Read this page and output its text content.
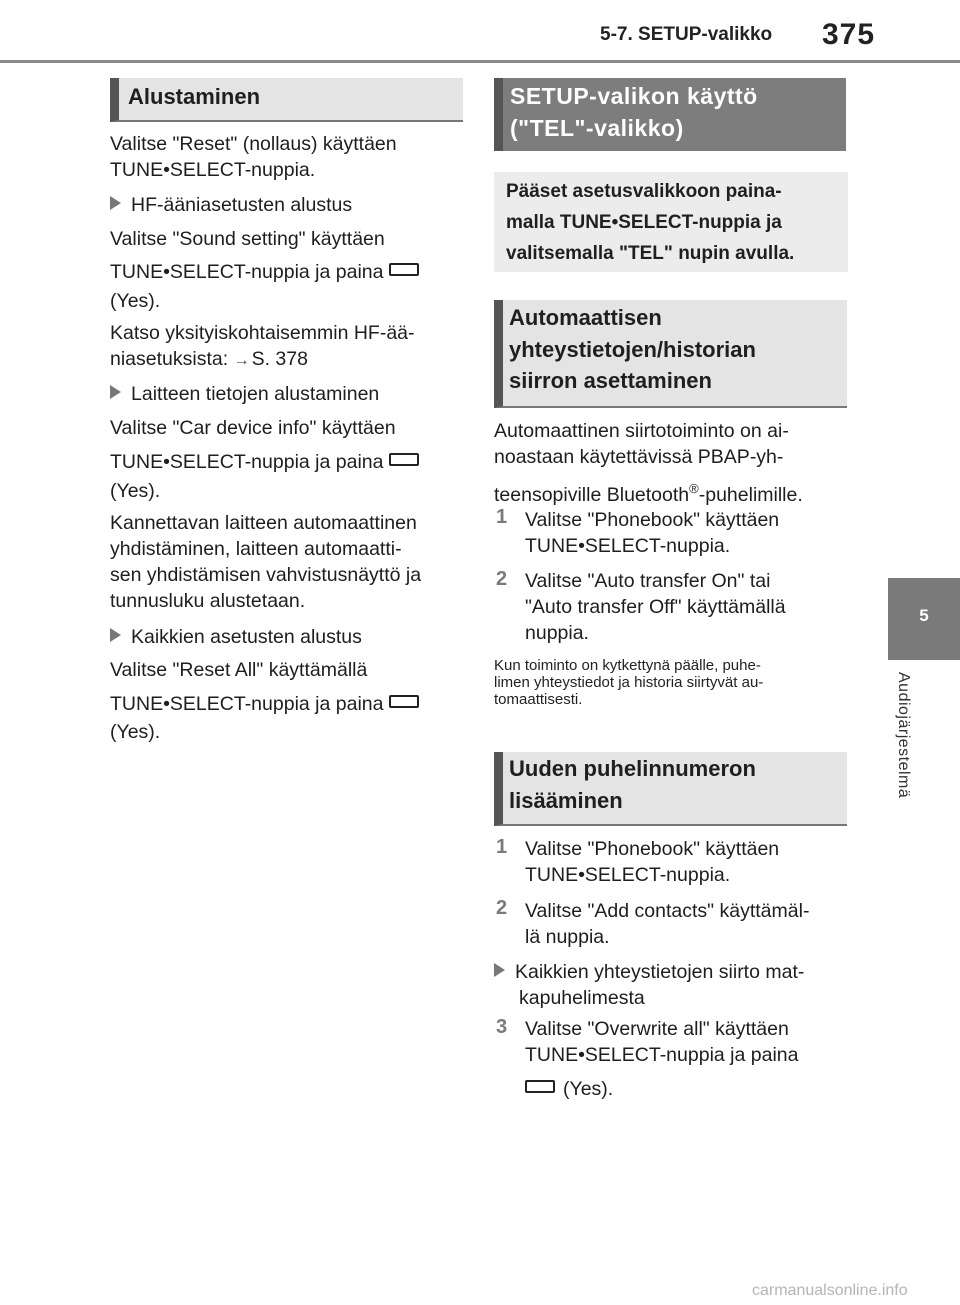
5-7. SETUP-valikko 375
5
Audiojärjestelmä
Alustaminen
Valitse "Reset" (nollaus) käyttäen
TUNE•SELECT-nuppia.
HF-ääniasetusten alustus
Valitse "Sound setting" käyttäen
TUNE•SELECT-nuppia ja paina
(Yes).
Katso yksityiskohtaisemmin HF-ää-
niasetuksista: → S. 378
Laitteen tietojen alustaminen
Valitse "Car device info" käyttäen
TUNE•SELECT-nuppia ja paina
(Yes).
Kannettavan laitteen automaattinen
yhdistäminen, laitteen automaatti-
sen yhdistämisen vahvistusnäyttö ja
tunnusluku alustetaan.
Kaikkien asetusten alustus
Valitse "Reset All" käyttämällä
TUNE•SELECT-nuppia ja paina
(Yes).
SETUP-valikon käyttö
("TEL"-valikko)
Pääset asetusvalikkoon paina-
malla TUNE•SELECT-nuppia ja
valitsemalla "TEL" nupin avulla.
Automaattisen
yhteystietojen/historian
siirron asettaminen
Automaattinen siirtotoiminto on ai-
noastaan käytettävissä PBAP-yh-
teensopiville Bluetooth®-puhelimille.
1 Valitse "Phonebook" käyttäen
TUNE•SELECT-nuppia.
2 Valitse "Auto transfer On" tai
"Auto transfer Off" käyttämällä
nuppia.
Kun toiminto on kytkettynä päälle, puhe-
limen yhteystiedot ja historia siirtyvät au-
tomaattisesti.
Uuden puhelinnumeron
lisääminen
1 Valitse "Phonebook" käyttäen
TUNE•SELECT-nuppia.
2 Valitse "Add contacts" käyttämäl-
lä nuppia.
Kaikkien yhteystietojen siirto mat-
kapuhelimesta
3 Valitse "Overwrite all" käyttäen
TUNE•SELECT-nuppia ja paina
(Yes).
carmanualsonline.info
